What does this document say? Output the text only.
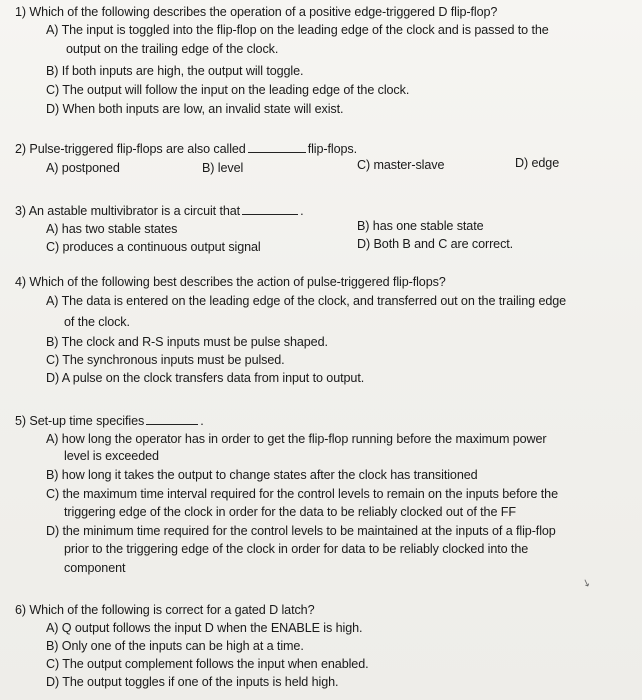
1) Which of the following describes the operation of a positive edge-triggered D flip-flop?
A) The input is toggled into the flip-flop on the leading edge of the clock and is passed to the
output on the trailing edge of the clock.
B) If both inputs are high, the output will toggle.
C) The output will follow the input on the leading edge of the clock.
D) When both inputs are low, an invalid state will exist.
2) Pulse-triggered flip-flops are also called	flip-flops.
A) postponed	B) level	C) master-slave	D) edge
3) An astable multivibrator is a circuit that	.
A) has two stable states	B) has one stable state
C) produces a continuous output signal	D) Both B and C are correct.
4) Which of the following best describes the action of pulse-triggered flip-flops?
A) The data is entered on the leading edge of the clock, and transferred out on the trailing edge
of the clock.
B) The clock and R-S inputs must be pulse shaped.
C) The synchronous inputs must be pulsed.
D) A pulse on the clock transfers data from input to output.
5) Set-up time specifies	.
A) how long the operator has in order to get the flip-flop running before the maximum power
level is exceeded
B) how long it takes the output to change states after the clock has transitioned
C) the maximum time interval required for the control levels to remain on the inputs before the
triggering edge of the clock in order for the data to be reliably clocked out of the FF
D) the minimum time required for the control levels to be maintained at the inputs of a flip-flop
prior to the triggering edge of the clock in order for data to be reliably clocked into the
component
↘
6) Which of the following is correct for a gated D latch?
A) Q output follows the input D when the ENABLE is high.
B) Only one of the inputs can be high at a time.
C) The output complement follows the input when enabled.
D) The output toggles if one of the inputs is held high.
